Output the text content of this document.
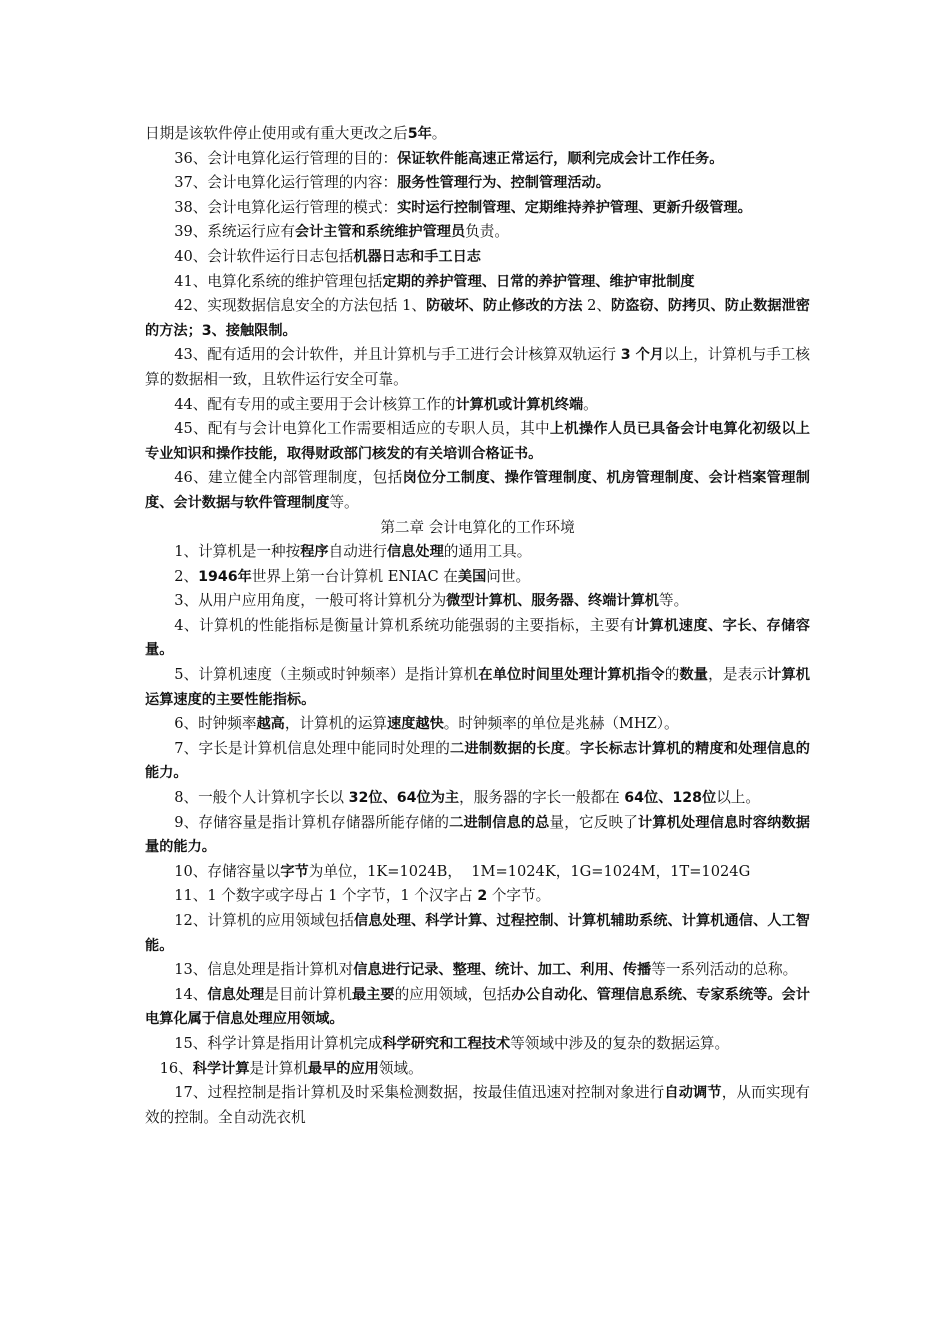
日期是该软件停止使用或有重大更改之后5年。

36、会计电算化运行管理的目的：保证软件能高速正常运行，顺利完成会计工作任务。

37、会计电算化运行管理的内容：服务性管理行为、控制管理活动。

38、会计电算化运行管理的模式：实时运行控制管理、定期维持养护管理、更新升级管理。

39、系统运行应有会计主管和系统维护管理员负责。

40、会计软件运行日志包括机器日志和手工日志

41、电算化系统的维护管理包括定期的养护管理、日常的养护管理、维护审批制度

42、实现数据信息安全的方法包括 1、防破坏、防止修改的方法 2、防盗窃、防拷贝、防止数据泄密的方法；3、接触限制。

43、配有适用的会计软件，并且计算机与手工进行会计核算双轨运行 3 个月以上，计算机与手工核算的数据相一致，且软件运行安全可靠。

44、配有专用的或主要用于会计核算工作的计算机或计算机终端。

45、配有与会计电算化工作需要相适应的专职人员，其中上机操作人员已具备会计电算化初级以上专业知识和操作技能，取得财政部门核发的有关培训合格证书。

46、建立健全内部管理制度，包括岗位分工制度、操作管理制度、机房管理制度、会计档案管理制度、会计数据与软件管理制度等。

第二章 会计电算化的工作环境

1、计算机是一种按程序自动进行信息处理的通用工具。

2、1946年世界上第一台计算机 ENIAC 在美国问世。

3、从用户应用角度，一般可将计算机分为微型计算机、服务器、终端计算机等。

4、计算机的性能指标是衡量计算机系统功能强弱的主要指标，主要有计算机速度、字长、存储容量。

5、计算机速度（主频或时钟频率）是指计算机在单位时间里处理计算机指令的数量，是表示计算机运算速度的主要性能指标。

6、时钟频率越高，计算机的运算速度越快。时钟频率的单位是兆赫（MHZ）。

7、字长是计算机信息处理中能同时处理的二进制数据的长度。字长标志计算机的精度和处理信息的能力。

8、一般个人计算机字长以 32位、64位为主，服务器的字长一般都在 64位、128位以上。

9、存储容量是指计算机存储器所能存储的二进制信息的总量，它反映了计算机处理信息时容纳数据量的能力。

10、存储容量以字节为单位，1K=1024B，  1M=1024K，1G=1024M，1T=1024G

11、1 个数字或字母占 1 个字节，1 个汉字占 2 个字节。

12、计算机的应用领域包括信息处理、科学计算、过程控制、计算机辅助系统、计算机通信、人工智能。

13、信息处理是指计算机对信息进行记录、整理、统计、加工、利用、传播等一系列活动的总称。

14、信息处理是目前计算机最主要的应用领域，包括办公自动化、管理信息系统、专家系统等。会计电算化属于信息处理应用领域。

15、科学计算是指用计算机完成科学研究和工程技术等领域中涉及的复杂的数据运算。

16、科学计算是计算机最早的应用领域。

17、过程控制是指计算机及时采集检测数据，按最佳值迅速对控制对象进行自动调节，从而实现有效的控制。全自动洗衣机
